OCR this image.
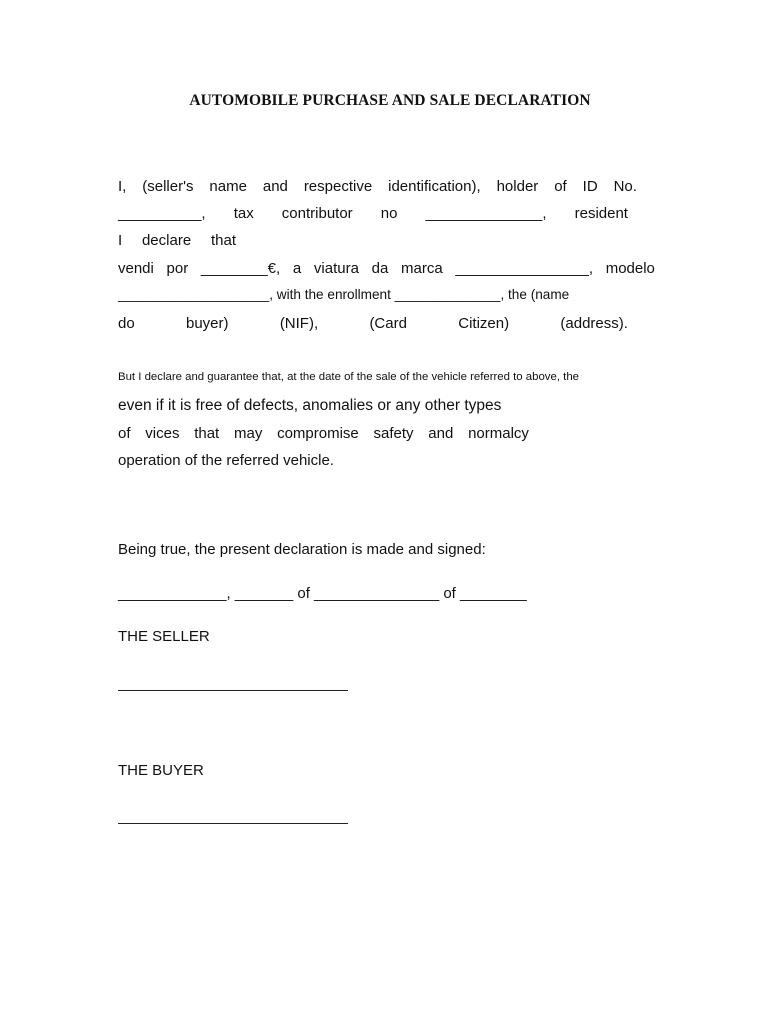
AUTOMOBILE PURCHASE AND SALE DECLARATION
I, (seller's name and respective identification), holder of ID No.
__________, tax contributor no ______________, resident
I declare that
vendi por ________€, a viatura da marca ________________, modelo
____________________, with the enrollment ______________, the (name
do	buyer)	(NIF),	(Card	Citizen)	(address).
But I declare and guarantee that, at the date of the sale of the vehicle referred to above, the
even if it is free of defects, anomalies or any other types
of vices that may compromise safety and normalcy
operation of the referred vehicle.
Being true, the present declaration is made and signed:
_____________, _______ of _______________ of ________
THE SELLER
THE BUYER
